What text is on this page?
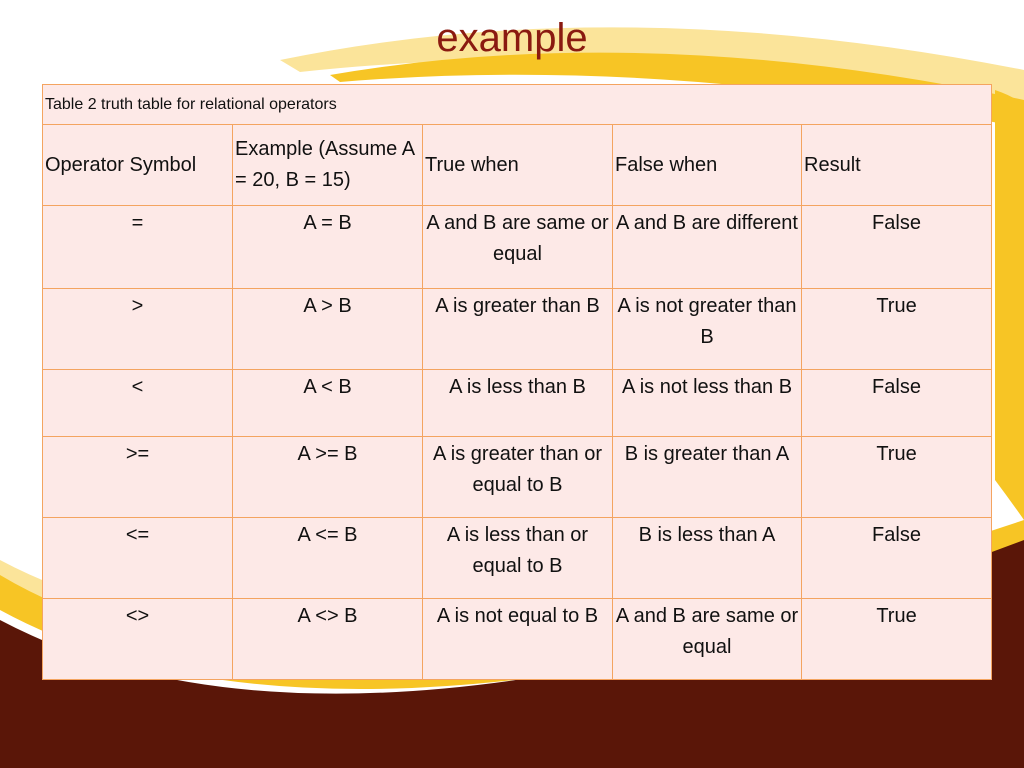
example
Table 2 truth table for relational operators				
Operator Symbol	Example (Assume A = 20, B = 15)	True when	False when	Result
=	A = B	A and B are same or equal	A and B are different	False
>	A > B	A is greater than B	A is not greater than B	True
<	A < B	A is less than B	A is not less than B	False
>=	A >= B	A is greater than or equal to B	B is greater than A	True
<=	A <= B	A is less than or equal to B	B is less than A	False
<>	A <> B	A is not equal to B	A and B are same or equal	True
